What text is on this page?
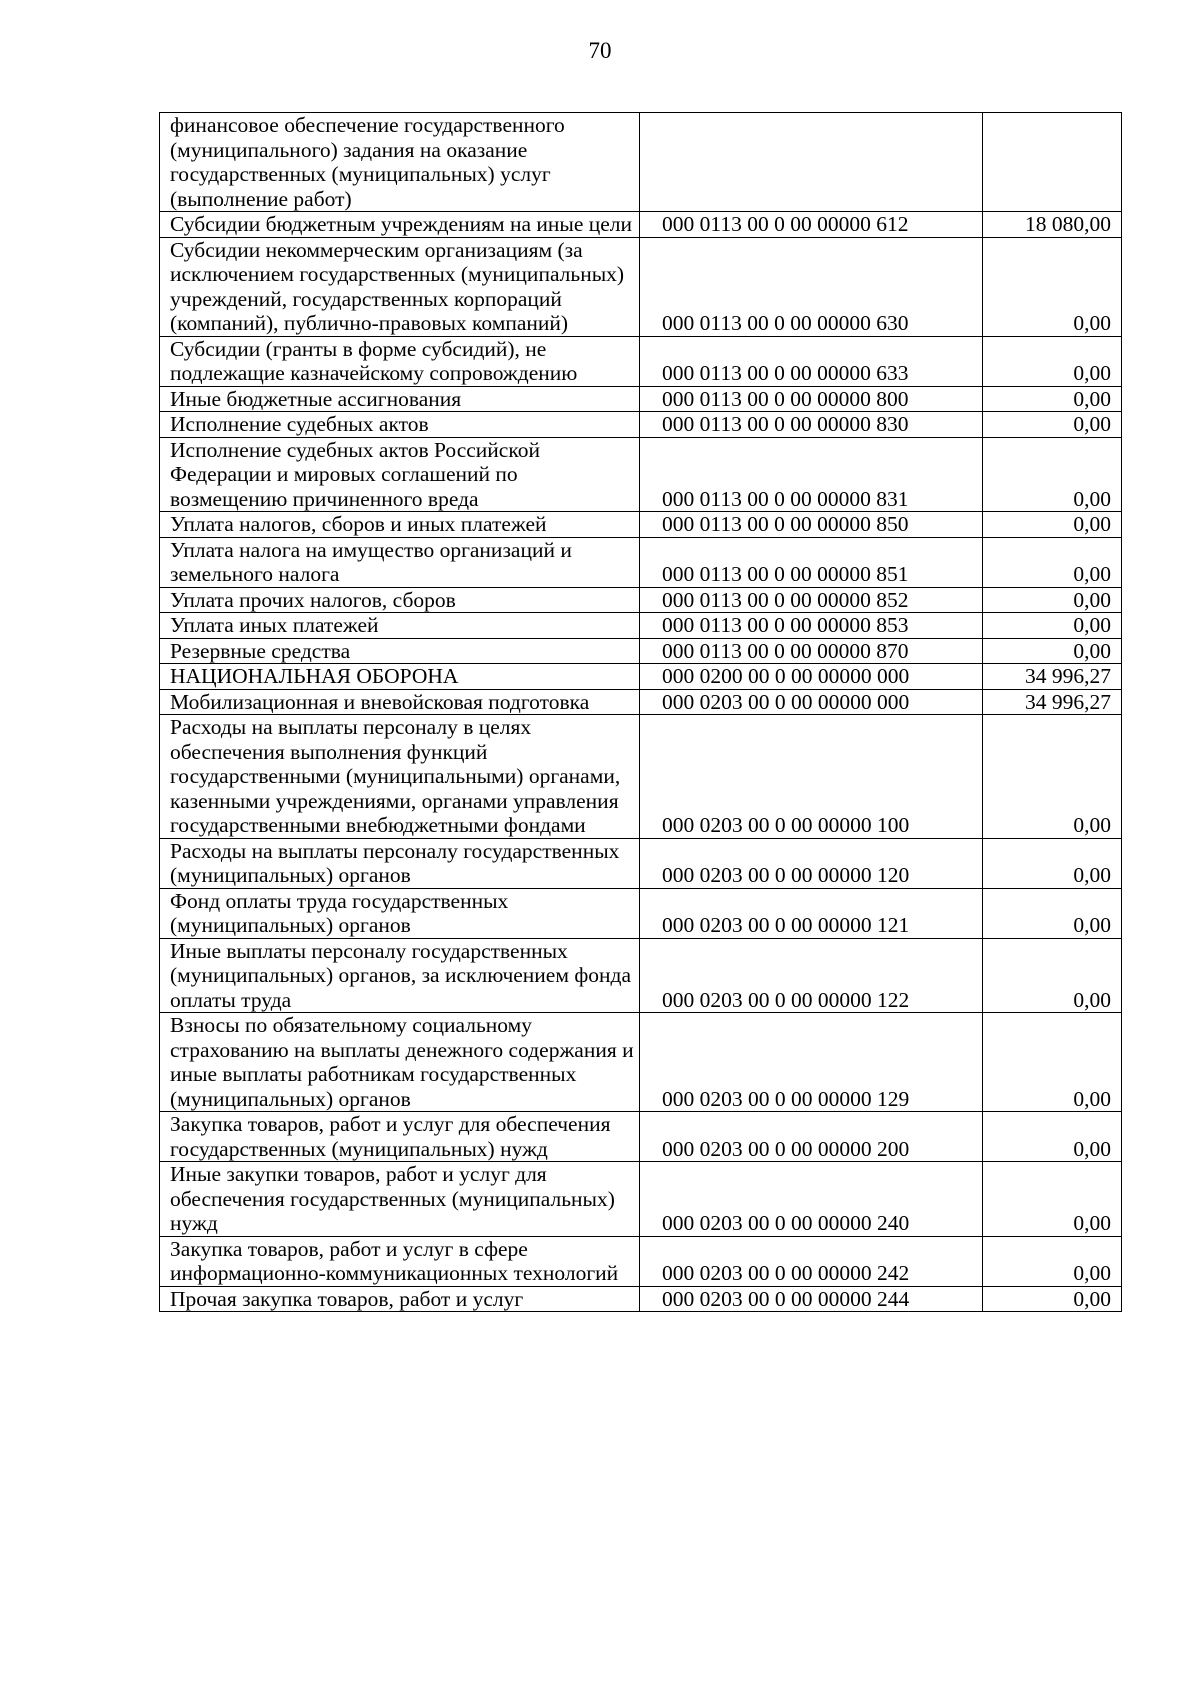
70
финансовое обеспечение государственного (муниципального) задания на оказание государственных (муниципальных) услуг (выполнение работ)		
Субсидии бюджетным учреждениям на иные цели	000 0113 00 0 00 00000 612	18 080,00
Субсидии некоммерческим организациям (за исключением государственных (муниципальных) учреждений, государственных корпораций (компаний), публично-правовых компаний)	000 0113 00 0 00 00000 630	0,00
Субсидии (гранты в форме субсидий), не подлежащие казначейскому сопровождению	000 0113 00 0 00 00000 633	0,00
Иные бюджетные ассигнования	000 0113 00 0 00 00000 800	0,00
Исполнение судебных актов	000 0113 00 0 00 00000 830	0,00
Исполнение судебных актов Российской Федерации и мировых соглашений по возмещению причиненного вреда	000 0113 00 0 00 00000 831	0,00
Уплата налогов, сборов и иных платежей	000 0113 00 0 00 00000 850	0,00
Уплата налога на имущество организаций и земельного налога	000 0113 00 0 00 00000 851	0,00
Уплата прочих налогов, сборов	000 0113 00 0 00 00000 852	0,00
Уплата иных платежей	000 0113 00 0 00 00000 853	0,00
Резервные средства	000 0113 00 0 00 00000 870	0,00
НАЦИОНАЛЬНАЯ ОБОРОНА	000 0200 00 0 00 00000 000	34 996,27
Мобилизационная и вневойсковая подготовка	000 0203 00 0 00 00000 000	34 996,27
Расходы на выплаты персоналу в целях обеспечения выполнения функций государственными (муниципальными) органами, казенными учреждениями, органами управления государственными внебюджетными фондами	000 0203 00 0 00 00000 100	0,00
Расходы на выплаты персоналу государственных (муниципальных) органов	000 0203 00 0 00 00000 120	0,00
Фонд оплаты труда государственных (муниципальных) органов	000 0203 00 0 00 00000 121	0,00
Иные выплаты персоналу государственных (муниципальных) органов, за исключением фонда оплаты труда	000 0203 00 0 00 00000 122	0,00
Взносы по обязательному социальному страхованию на выплаты денежного содержания и иные выплаты работникам государственных (муниципальных) органов	000 0203 00 0 00 00000 129	0,00
Закупка товаров, работ и услуг для обеспечения государственных (муниципальных) нужд	000 0203 00 0 00 00000 200	0,00
Иные закупки товаров, работ и услуг для обеспечения государственных (муниципальных) нужд	000 0203 00 0 00 00000 240	0,00
Закупка товаров, работ и услуг в сфере информационно-коммуникационных технологий	000 0203 00 0 00 00000 242	0,00
Прочая закупка товаров, работ и услуг	000 0203 00 0 00 00000 244	0,00
